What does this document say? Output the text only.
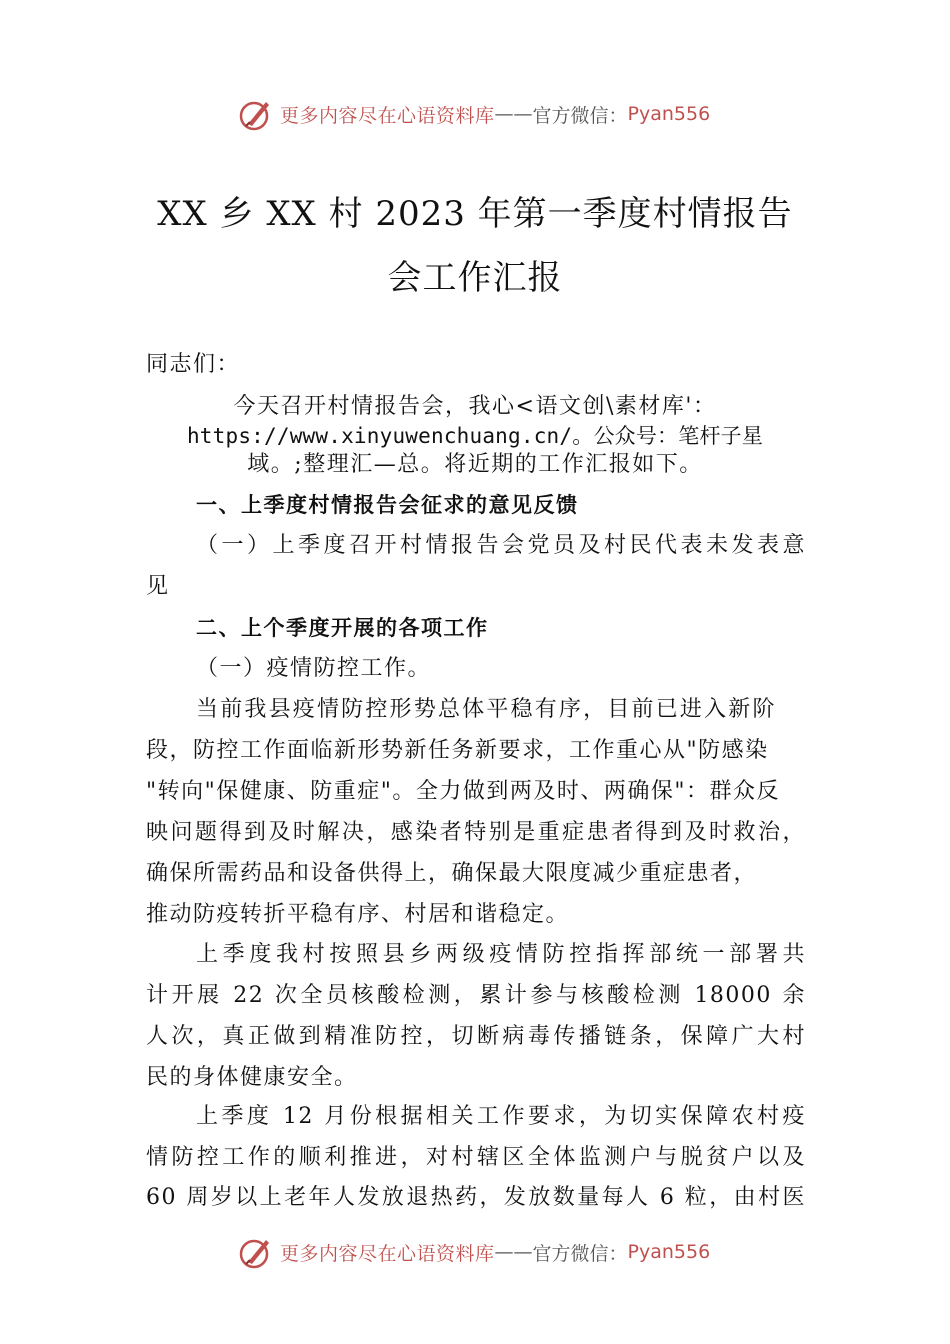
更多内容尽在心语资料库 —— 官方微信： Pyan556
XX 乡 XX 村 2023 年第一季度村情报告
会工作汇报
同志们：
今天召开村情报告会，我心<语文创\素材库'：
https://www.xinyuwenchuang.cn/。公众号：笔杆子星
域。;整理汇—总。将近期的工作汇报如下。
一、上季度村情报告会征求的意见反馈
（一）上季度召开村情报告会党员及村民代表未发表意
见
二、上个季度开展的各项工作
（一）疫情防控工作。
当前我县疫情防控形势总体平稳有序，目前已进入新阶
段，防控工作面临新形势新任务新要求，工作重心从"防感染
"转向"保健康、防重症"。全力做到两及时、两确保"：群众反
映问题得到及时解决，感染者特别是重症患者得到及时救治，
确保所需药品和设备供得上，确保最大限度减少重症患者，
推动防疫转折平稳有序、村居和谐稳定。
上季度我村按照县乡两级疫情防控指挥部统一部署共
计开展 22 次全员核酸检测，累计参与核酸检测 18000 余
人次，真正做到精准防控，切断病毒传播链条，保障广大村
民的身体健康安全。
上季度 12 月份根据相关工作要求，为切实保障农村疫
情防控工作的顺利推进，对村辖区全体监测户与脱贫户以及
60 周岁以上老年人发放退热药，发放数量每人 6 粒，由村医
更多内容尽在心语资料库 —— 官方微信： Pyan556
